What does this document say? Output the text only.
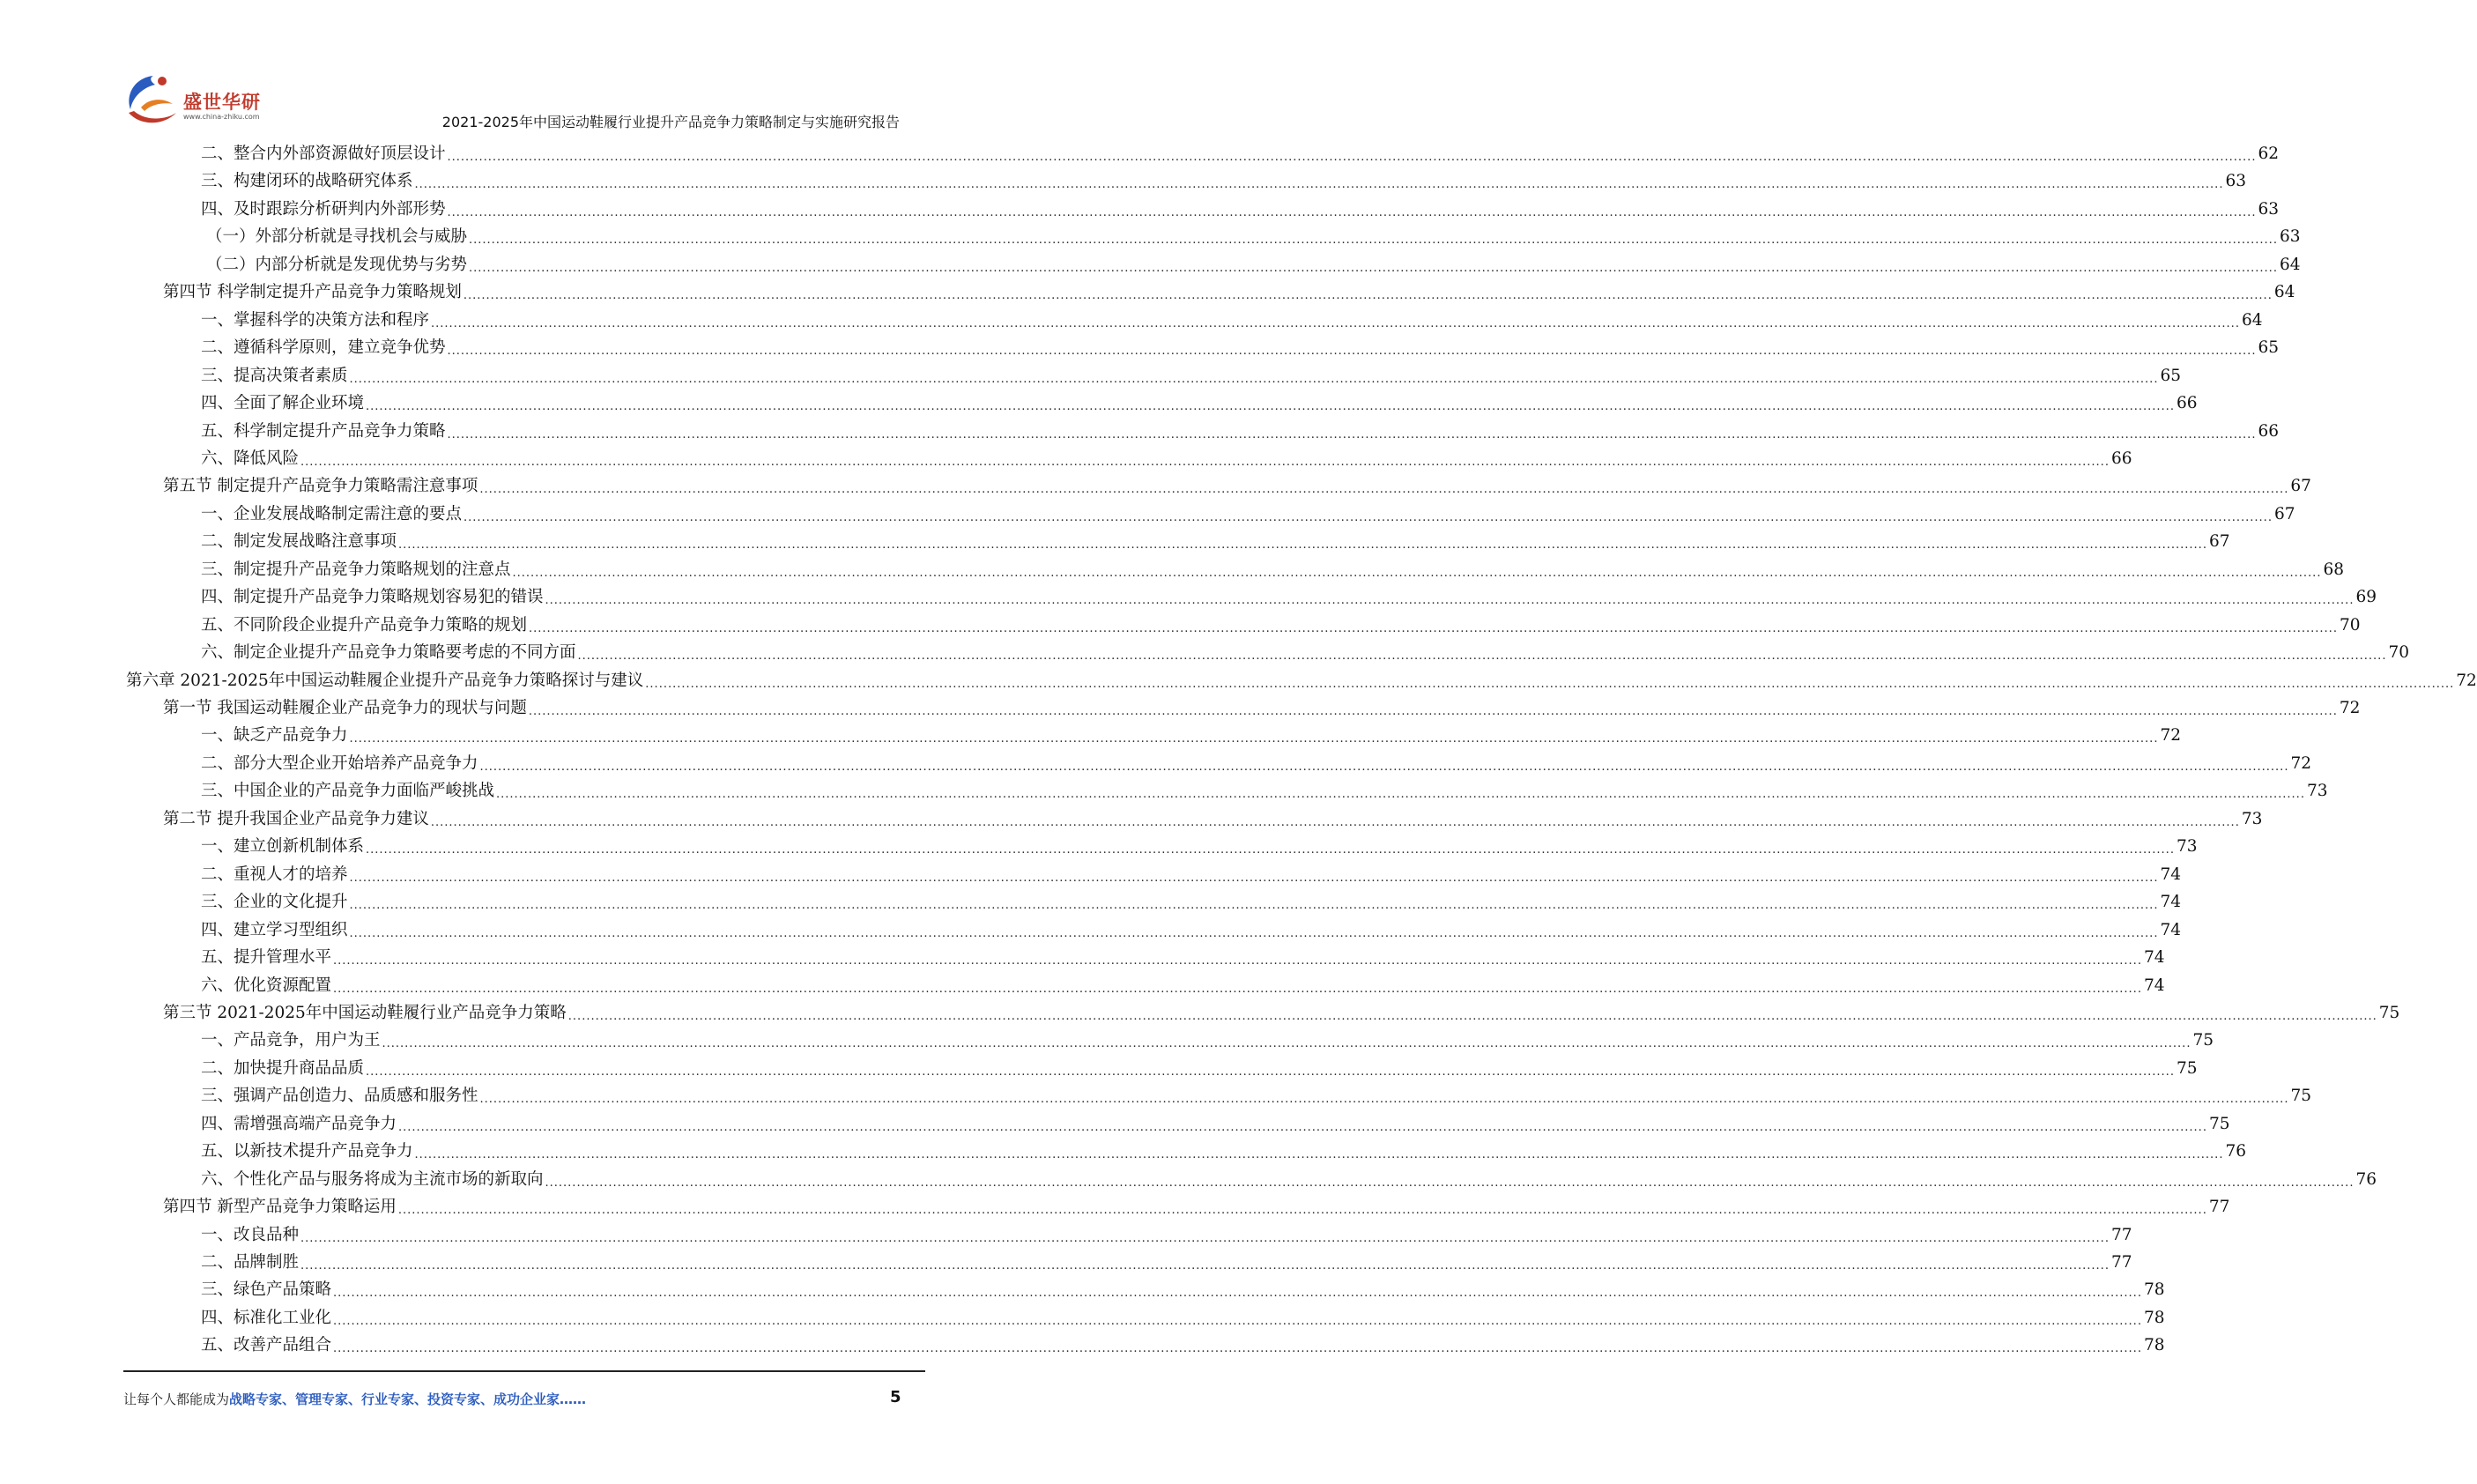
盛世华研
www.china-zhiku.com	2021-2025年中国运动鞋履行业提升产品竞争力策略制定与实施研究报告
二、整合内外部资源做好顶层设计 ................................................................................................................................................................................................................................................................................................................................................................................................................ 62
三、构建闭环的战略研究体系 ................................................................................................................................................................................................................................................................................................................................................................................................................ 63
四、及时跟踪分析研判内外部形势 ................................................................................................................................................................................................................................................................................................................................................................................................................ 63
（一）外部分析就是寻找机会与威胁 ................................................................................................................................................................................................................................................................................................................................................................................................................ 63
（二）内部分析就是发现优势与劣势 ................................................................................................................................................................................................................................................................................................................................................................................................................ 64
第四节 科学制定提升产品竞争力策略规划 ................................................................................................................................................................................................................................................................................................................................................................................................................ 64
一、掌握科学的决策方法和程序 ................................................................................................................................................................................................................................................................................................................................................................................................................ 64
二、遵循科学原则，建立竞争优势 ................................................................................................................................................................................................................................................................................................................................................................................................................ 65
三、提高决策者素质 ................................................................................................................................................................................................................................................................................................................................................................................................................ 65
四、全面了解企业环境 ................................................................................................................................................................................................................................................................................................................................................................................................................ 66
五、科学制定提升产品竞争力策略 ................................................................................................................................................................................................................................................................................................................................................................................................................ 66
六、降低风险 ................................................................................................................................................................................................................................................................................................................................................................................................................ 66
第五节 制定提升产品竞争力策略需注意事项 ................................................................................................................................................................................................................................................................................................................................................................................................................ 67
一、企业发展战略制定需注意的要点 ................................................................................................................................................................................................................................................................................................................................................................................................................ 67
二、制定发展战略注意事项 ................................................................................................................................................................................................................................................................................................................................................................................................................ 67
三、制定提升产品竞争力策略规划的注意点 ................................................................................................................................................................................................................................................................................................................................................................................................................ 68
四、制定提升产品竞争力策略规划容易犯的错误 ................................................................................................................................................................................................................................................................................................................................................................................................................ 69
五、不同阶段企业提升产品竞争力策略的规划 ................................................................................................................................................................................................................................................................................................................................................................................................................ 70
六、制定企业提升产品竞争力策略要考虑的不同方面 ................................................................................................................................................................................................................................................................................................................................................................................................................ 70
第六章 2021-2025年中国运动鞋履企业提升产品竞争力策略探讨与建议 ................................................................................................................................................................................................................................................................................................................................................................................................................ 72
第一节 我国运动鞋履企业产品竞争力的现状与问题 ................................................................................................................................................................................................................................................................................................................................................................................................................ 72
一、缺乏产品竞争力 ................................................................................................................................................................................................................................................................................................................................................................................................................ 72
二、部分大型企业开始培养产品竞争力 ................................................................................................................................................................................................................................................................................................................................................................................................................ 72
三、中国企业的产品竞争力面临严峻挑战 ................................................................................................................................................................................................................................................................................................................................................................................................................ 73
第二节 提升我国企业产品竞争力建议 ................................................................................................................................................................................................................................................................................................................................................................................................................ 73
一、建立创新机制体系 ................................................................................................................................................................................................................................................................................................................................................................................................................ 73
二、重视人才的培养 ................................................................................................................................................................................................................................................................................................................................................................................................................ 74
三、企业的文化提升 ................................................................................................................................................................................................................................................................................................................................................................................................................ 74
四、建立学习型组织 ................................................................................................................................................................................................................................................................................................................................................................................................................ 74
五、提升管理水平 ................................................................................................................................................................................................................................................................................................................................................................................................................ 74
六、优化资源配置 ................................................................................................................................................................................................................................................................................................................................................................................................................ 74
第三节 2021-2025年中国运动鞋履行业产品竞争力策略 ................................................................................................................................................................................................................................................................................................................................................................................................................ 75
一、产品竞争，用户为王 ................................................................................................................................................................................................................................................................................................................................................................................................................ 75
二、加快提升商品品质 ................................................................................................................................................................................................................................................................................................................................................................................................................ 75
三、强调产品创造力、品质感和服务性 ................................................................................................................................................................................................................................................................................................................................................................................................................ 75
四、需增强高端产品竞争力 ................................................................................................................................................................................................................................................................................................................................................................................................................ 75
五、以新技术提升产品竞争力 ................................................................................................................................................................................................................................................................................................................................................................................................................ 76
六、个性化产品与服务将成为主流市场的新取向 ................................................................................................................................................................................................................................................................................................................................................................................................................ 76
第四节 新型产品竞争力策略运用 ................................................................................................................................................................................................................................................................................................................................................................................................................ 77
一、改良品种 ................................................................................................................................................................................................................................................................................................................................................................................................................ 77
二、品牌制胜 ................................................................................................................................................................................................................................................................................................................................................................................................................ 77
三、绿色产品策略 ................................................................................................................................................................................................................................................................................................................................................................................................................ 78
四、标准化工业化 ................................................................................................................................................................................................................................................................................................................................................................................................................ 78
五、改善产品组合 ................................................................................................................................................................................................................................................................................................................................................................................................................ 78
让每个人都能成为战略专家、管理专家、行业专家、投资专家、成功企业家……	5
